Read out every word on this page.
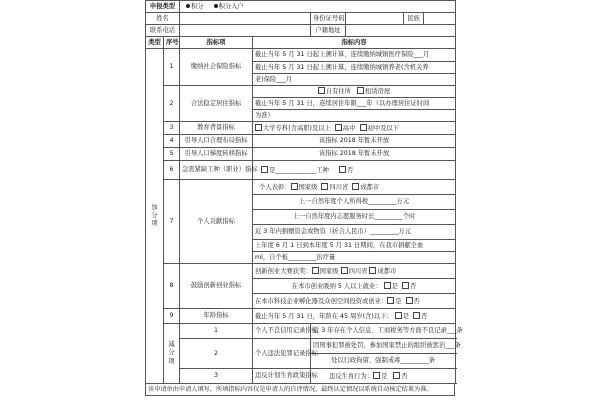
申报类型		积分 积分入户					
姓名				身份证号码		民族	
联系电话				户籍地址			
类型	序号	指标项	指标内容				
加分项	1	缴纳社会保险指标	截止当年 5 月 31 日起上溯计算，连续缴纳城镇医疗保险___月				
			截止当年 5 月 31 日起上溯计算，连续缴纳城镇养老(含机关养				
			老)保险___月				
	2	合法稳定居住指标	自有住所 租赁房屋				
			截止当年 5 月 31 日，连续居住年限___年（以办理居住证时间				
			为准）				
	3	教育背景指标	大学专科(含高职)及以上 高中 初中及以下				
	4	引导人口合理布局指标	该指标 2018 年暂未开放				
	5	引导人口梯度转移指标	该指标 2018 年暂未开放				
	6	急需紧缺工种（职业）指标	是_____________工种 否				
	7	个人贡献指标	个人表彰： 国家级 四川省 成都市				
			上一自然年度个人所得税_________万元				
			上一自然年度内志愿服务时长_________个时				
			近 3 年内捐赠资金或物资（折合人民币）_________万元				
			上年度 6 月 1 日到本年度 5 月 31 日期间，在我市捐献全血				
			ml，自个板_________治疗量				
	8	鼓励创新创业指标	创新创业大赛获奖： 国家级 四川省 成都市				
			在本市创业吸纳 5 人以上就业： 是 否				
			在本市科技企业孵化器及众创空间投资或创业： 是 否				
	9	年龄指标	截止当年 5 月 31 日，年龄在 45 周岁(含)以下： 是 否				
	减分项	1	个人不良信用记录指标	近 3 年存在个人信息、工商税务等方面不良记录___条			
		2	个人违法犯罪记录指标	因刑事犯罪被处罚，参加国家禁止的组织被惩治___条			
				处以行政拘留、强制戒毒_________条			
		3	违反计划生育政策指标	违反生育行为： 是 否			
该申请单由申请人填写，所填指标内容仅是申请人的自评情况，最终认定情况以系统自动核定结果为准。
